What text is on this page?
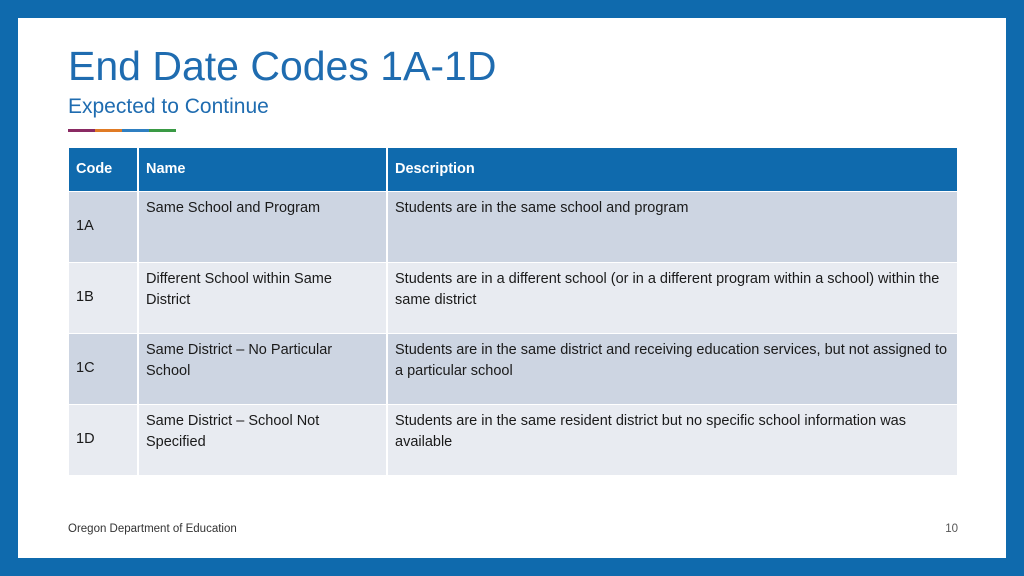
End Date Codes 1A-1D

Expected to Continue

Code	Name	Description
1A	Same School and Program	Students are in the same school and program
1B	Different School within Same District	Students are in a different school (or in a different program within a school) within the same district
1C	Same District – No Particular School	Students are in the same district and receiving education services, but not assigned to a particular school
1D	Same District – School Not Specified	Students are in the same resident district but no specific school information was available
Oregon Department of Education	10
